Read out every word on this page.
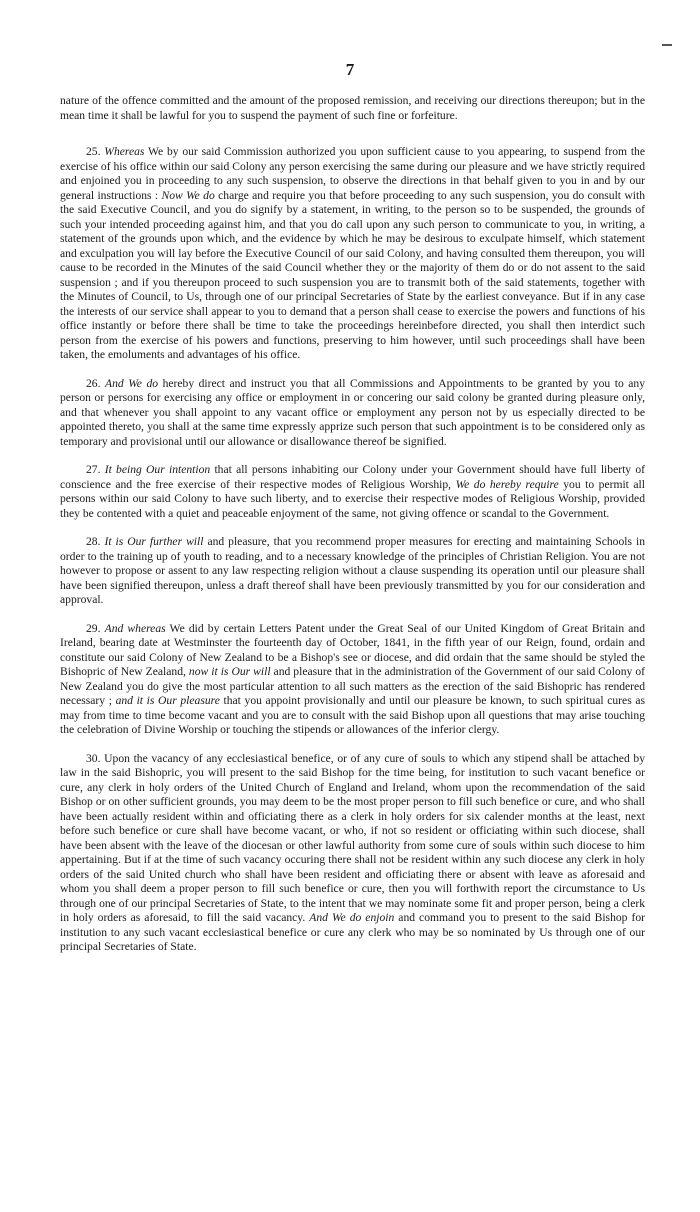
7

nature of the offence committed and the amount of the proposed remission, and receiving our directions thereupon; but in the mean time it shall be lawful for you to suspend the payment of such fine or forfeiture.

25. Whereas We by our said Commission authorized you upon sufficient cause to you appearing, to suspend from the exercise of his office within our said Colony any person exercising the same during our pleasure and we have strictly required and enjoined you in proceeding to any such suspension, to observe the directions in that behalf given to you in and by our general instructions : Now We do charge and require you that before proceeding to any such suspension, you do consult with the said Executive Council, and you do signify by a statement, in writing, to the person so to be suspended, the grounds of such your intended proceeding against him, and that you do call upon any such person to communicate to you, in writing, a statement of the grounds upon which, and the evidence by which he may be desirous to exculpate himself, which statement and exculpation you will lay before the Executive Council of our said Colony, and having consulted them thereupon, you will cause to be recorded in the Minutes of the said Council whether they or the majority of them do or do not assent to the said suspension ; and if you thereupon proceed to such suspension you are to transmit both of the said statements, together with the Minutes of Council, to Us, through one of our principal Secretaries of State by the earliest conveyance. But if in any case the interests of our service shall appear to you to demand that a person shall cease to exercise the powers and functions of his office instantly or before there shall be time to take the proceedings hereinbefore directed, you shall then interdict such person from the exercise of his powers and functions, preserving to him however, until such proceedings shall have been taken, the emoluments and advantages of his office.

26. And We do hereby direct and instruct you that all Commissions and Appointments to be granted by you to any person or persons for exercising any office or employment in or concering our said colony be granted during pleasure only, and that whenever you shall appoint to any vacant office or employment any person not by us especially directed to be appointed thereto, you shall at the same time expressly apprize such person that such appointment is to be considered only as temporary and provisional until our allowance or disallowance thereof be signified.

27. It being Our intention that all persons inhabiting our Colony under your Government should have full liberty of conscience and the free exercise of their respective modes of Religious Worship, We do hereby require you to permit all persons within our said Colony to have such liberty, and to exercise their respective modes of Religious Worship, provided they be contented with a quiet and peaceable enjoyment of the same, not giving offence or scandal to the Government.

28. It is Our further will and pleasure, that you recommend proper measures for erecting and maintaining Schools in order to the training up of youth to reading, and to a necessary knowledge of the principles of Christian Religion. You are not however to propose or assent to any law respecting religion without a clause suspending its operation until our pleasure shall have been signified thereupon, unless a draft thereof shall have been previously transmitted by you for our consideration and approval.

29. And whereas We did by certain Letters Patent under the Great Seal of our United Kingdom of Great Britain and Ireland, bearing date at Westminster the fourteenth day of October, 1841, in the fifth year of our Reign, found, ordain and constitute our said Colony of New Zealand to be a Bishop's see or diocese, and did ordain that the same should be styled the Bishopric of New Zealand, now it is Our will and pleasure that in the administration of the Government of our said Colony of New Zealand you do give the most particular attention to all such matters as the erection of the said Bishopric has rendered necessary ; and it is Our pleasure that you appoint provisionally and until our pleasure be known, to such spiritual cures as may from time to time become vacant and you are to consult with the said Bishop upon all questions that may arise touching the celebration of Divine Worship or touching the stipends or allowances of the inferior clergy.

30. Upon the vacancy of any ecclesiastical benefice, or of any cure of souls to which any stipend shall be attached by law in the said Bishopric, you will present to the said Bishop for the time being, for institution to such vacant benefice or cure, any clerk in holy orders of the United Church of England and Ireland, whom upon the recommendation of the said Bishop or on other sufficient grounds, you may deem to be the most proper person to fill such benefice or cure, and who shall have been actually resident within and officiating there as a clerk in holy orders for six calender months at the least, next before such benefice or cure shall have become vacant, or who, if not so resident or officiating within such diocese, shall have been absent with the leave of the diocesan or other lawful authority from some cure of souls within such diocese to him appertaining. But if at the time of such vacancy occuring there shall not be resident within any such diocese any clerk in holy orders of the said United church who shall have been resident and officiating there or absent with leave as aforesaid and whom you shall deem a proper person to fill such benefice or cure, then you will forthwith report the circumstance to Us through one of our principal Secretaries of State, to the intent that we may nominate some fit and proper person, being a clerk in holy orders as aforesaid, to fill the said vacancy. And We do enjoin and command you to present to the said Bishop for institution to any such vacant ecclesiastical benefice or cure any clerk who may be so nominated by Us through one of our principal Secretaries of State.
